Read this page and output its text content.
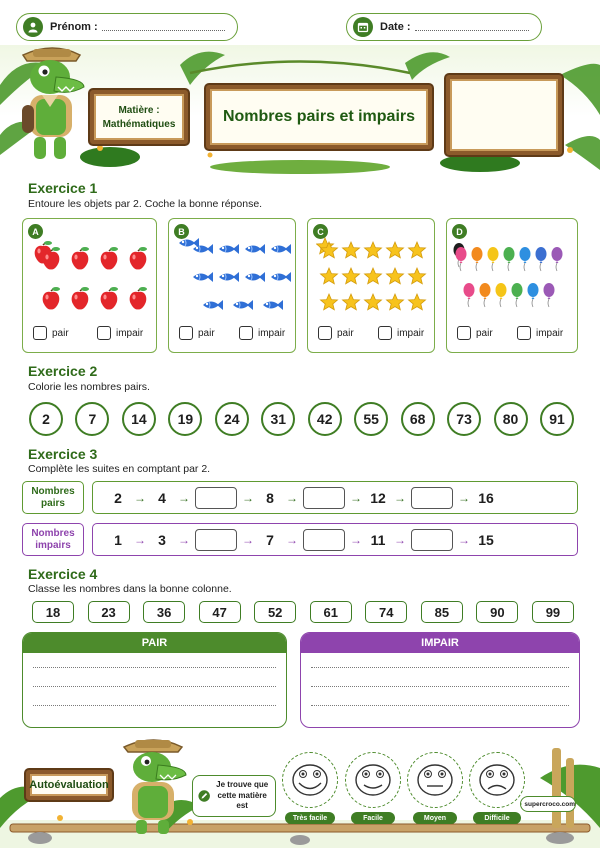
Prénom :	Date :
Matière :
Mathématiques	Nombres pairs et impairs
Exercice 1
Entoure les objets par 2. Coche la bonne réponse.
A
pair	impair
B
pair	impair
C
pair	impair
D
pair	impair
Exercice 2
Colorie les nombres pairs.
2	7	14	19	24	31	42	55	68	73	80	91
Exercice 3
Complète les suites en comptant par 2.
Nombres
pairs	2	→ 4	→	→ 8	→	→ 12 →	→ 16
Nombres
impairs	1	→ 3	→	→ 7	→	→ 11 →	→ 15
Exercice 4
Classe les nombres dans la bonne colonne.
18	23	36	47	52	61	74	85	90	99
PAIR	IMPAIR
Autoévaluation	Je trouve que
cette matière est
Très facile	Facile	Moyen	Difficile
supercroco.com
